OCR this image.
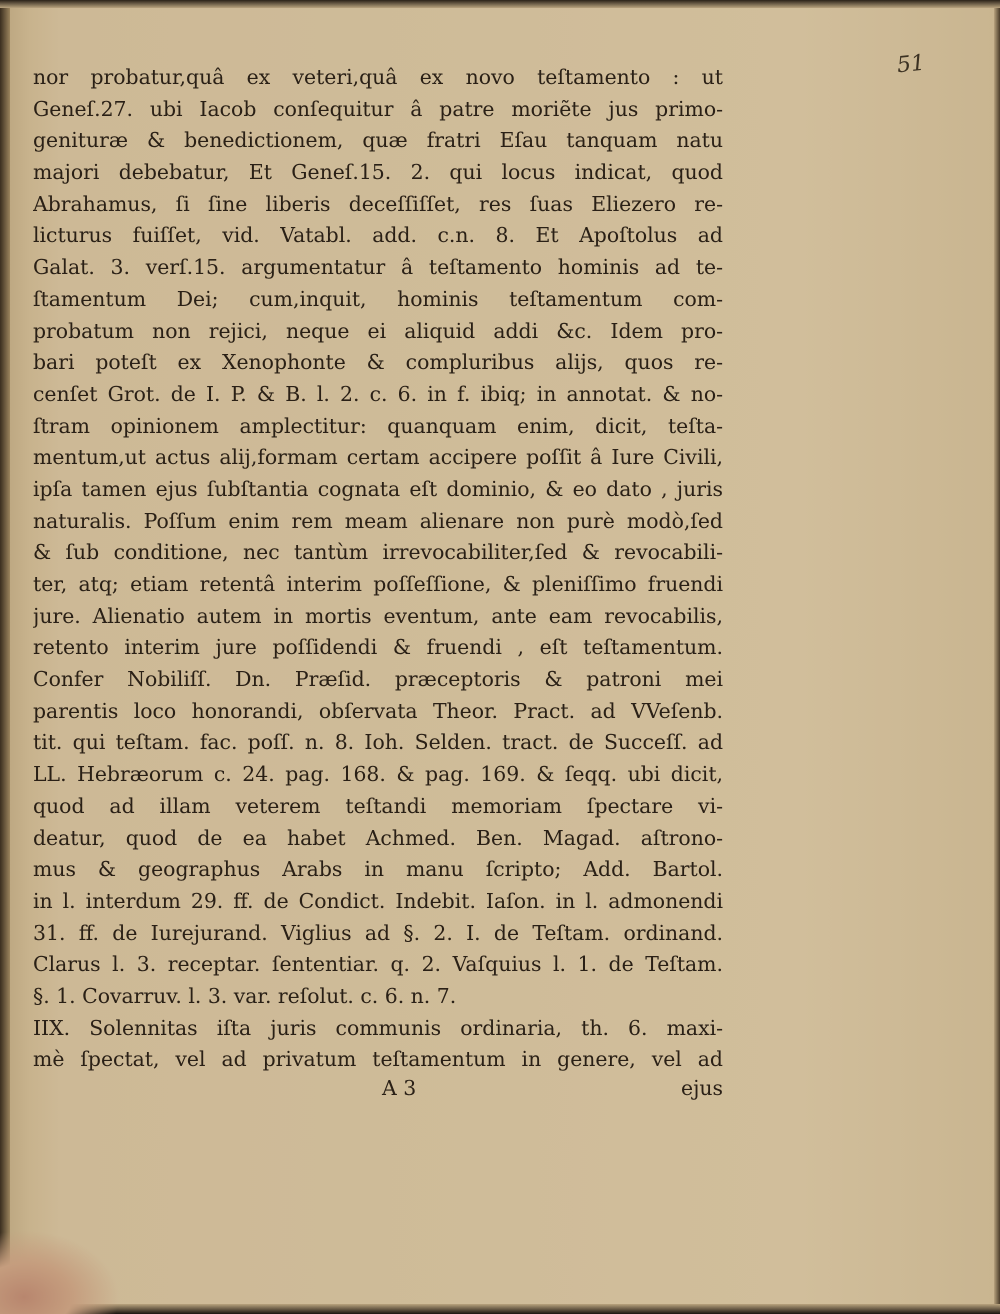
51
nor probatur,quâ ex veteri,quâ ex novo teſtamento : ut
Geneſ.27. ubi Iacob conſequitur â patre moriẽte jus primo-
genituræ & benedictionem, quæ fratri Eſau tanquam natu
majori debebatur, Et Geneſ.15. 2. qui locus indicat, quod
Abrahamus, ſi ſine liberis deceſſiſſet, res ſuas Eliezero re-
licturus fuiſſet, vid. Vatabl. add. c.n. 8. Et Apoſtolus ad
Galat. 3. verſ.15. argumentatur â teſtamento hominis ad te-
ſtamentum Dei; cum,inquit, hominis teſtamentum com-
probatum non rejici, neque ei aliquid addi &c. Idem pro-
bari poteſt ex Xenophonte & compluribus alijs, quos re-
cenſet Grot. de I. P. & B. l. 2. c. 6. in f. ibiq; in annotat. & no-
ſtram opinionem amplectitur: quanquam enim, dicit, teſta-
mentum,ut actus alij,formam certam accipere poſſit â Iure Civili,
ipſa tamen ejus ſubſtantia cognata eſt dominio, & eo dato , juris
naturalis. Poſſum enim rem meam alienare non purè modò,ſed
& ſub conditione, nec tantùm irrevocabiliter,ſed & revocabili-
ter, atq; etiam retentâ interim poſſeſſione, & pleniſſimo fruendi
jure. Alienatio autem in mortis eventum, ante eam revocabilis,
retento interim jure poſſidendi & fruendi , eſt teſtamentum.
Confer Nobiliſſ. Dn. Præſid. præceptoris & patroni mei
parentis loco honorandi, obſervata Theor. Pract. ad VVeſenb.
tit. qui teſtam. fac. poſſ. n. 8. Ioh. Selden. tract. de Succeſſ. ad
LL. Hebræorum c. 24. pag. 168. & pag. 169. & ſeqq. ubi dicit,
quod ad illam veterem teſtandi memoriam ſpectare vi-
deatur, quod de ea habet Achmed. Ben. Magad. aſtrono-
mus & geographus Arabs in manu ſcripto; Add. Bartol.
in l. interdum 29. ff. de Condict. Indebit. Iaſon. in l. admonendi
31. ff. de Iurejurand. Viglius ad §. 2. I. de Teſtam. ordinand.
Clarus l. 3. receptar. ſententiar. q. 2. Vaſquius l. 1. de Teſtam.
§. 1. Covarruv. l. 3. var. reſolut. c. 6. n. 7.
IIX. Solennitas iſta juris communis ordinaria, th. 6. maxi-
mè ſpectat, vel ad privatum teſtamentum in genere, vel ad
A 3	ejus
